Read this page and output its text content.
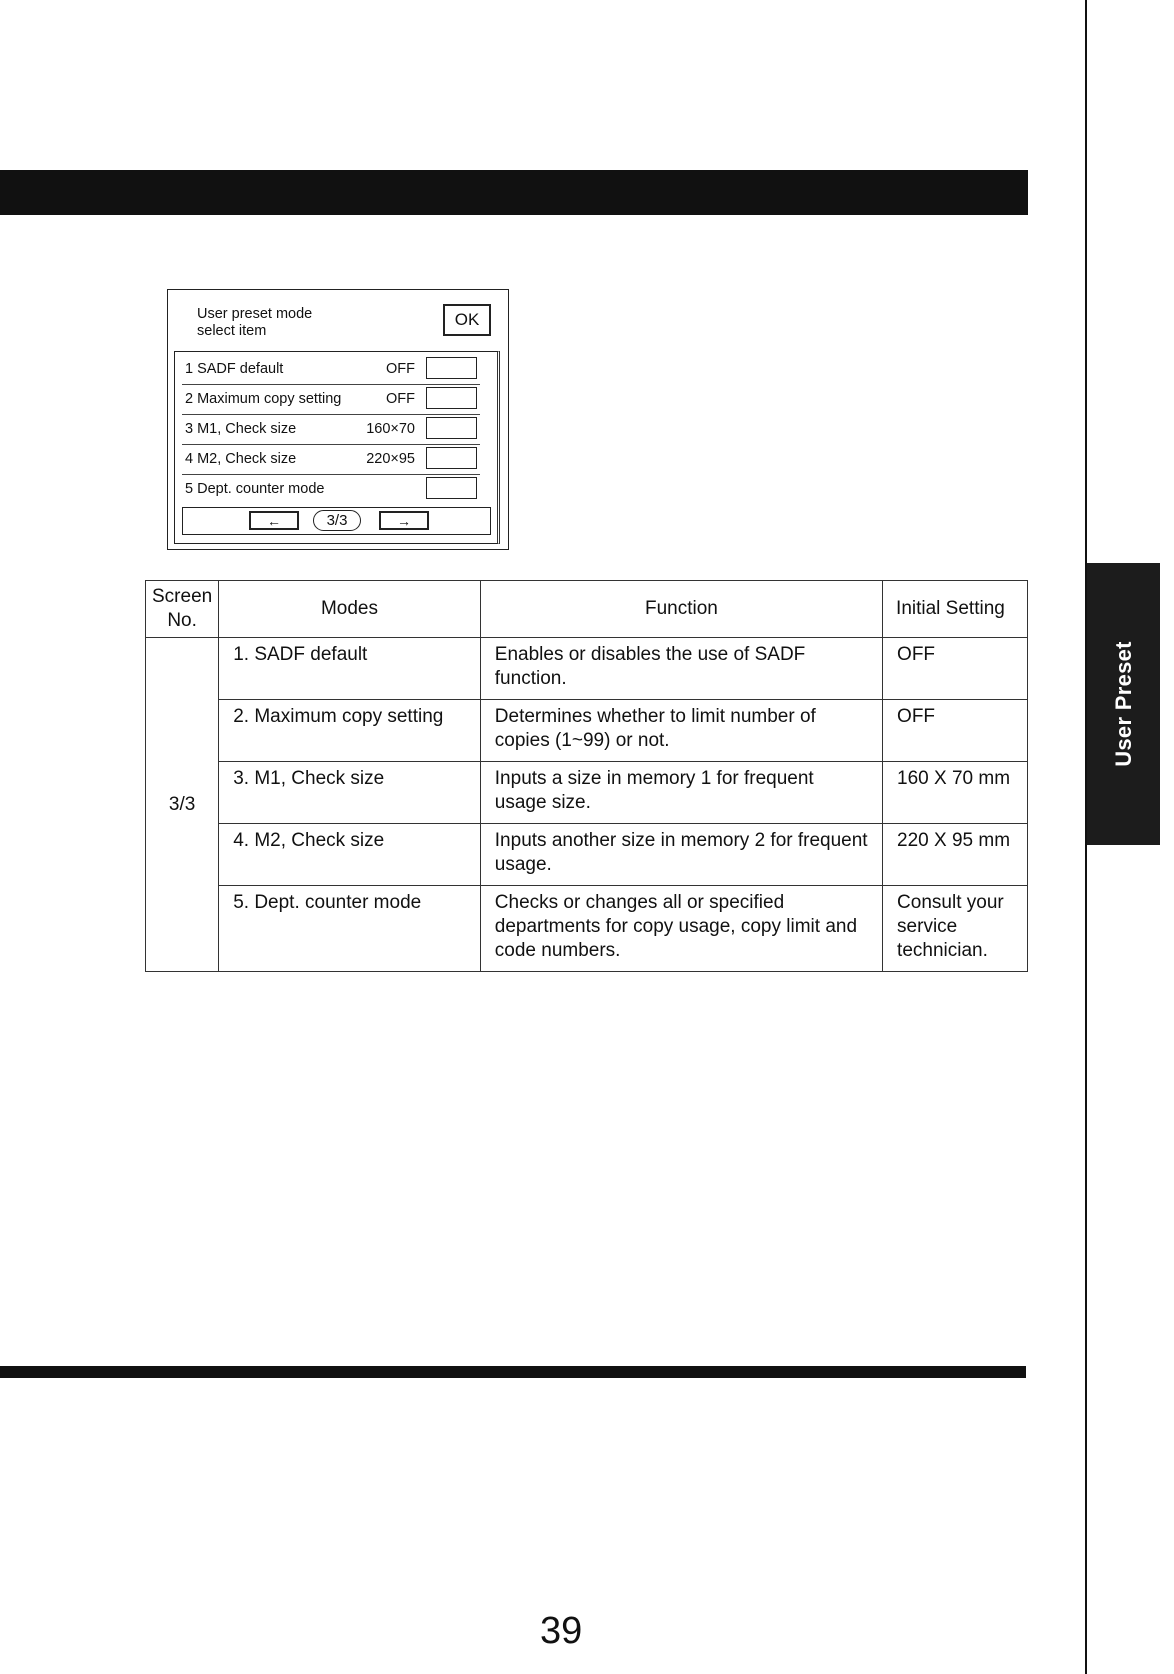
User Preset
User preset mode
select item
OK
1 SADF default	OFF
2 Maximum copy setting	OFF
3 M1, Check size	160×70
4 M2, Check size	220×95
5 Dept. counter mode
←	3/3	→
Screen
No.	Modes	Function	Initial Setting
3/3	1. SADF default	Enables or disables the use of SADF function.	OFF
	2. Maximum copy setting	Determines whether to limit number of copies (1~99) or not.	OFF
	3. M1, Check size	Inputs a size in memory 1 for frequent usage size.	160 X 70 mm
	4. M2, Check size	Inputs another size in memory 2 for frequent usage.	220 X 95 mm
	5. Dept. counter mode	Checks or changes all or specified departments for copy usage, copy limit and code numbers.	Consult your service technician.
39
